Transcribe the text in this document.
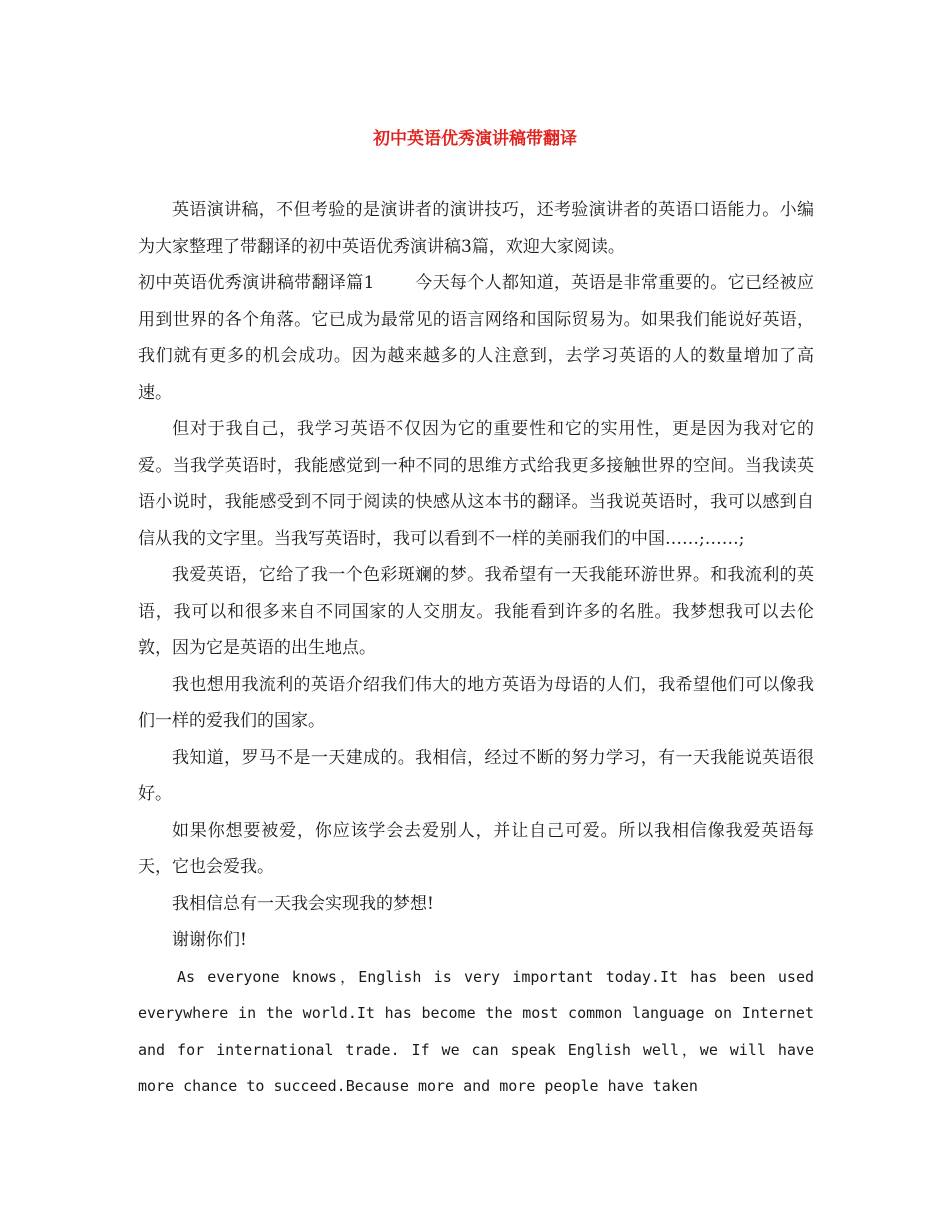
初中英语优秀演讲稿带翻译

英语演讲稿，不但考验的是演讲者的演讲技巧，还考验演讲者的英语口语能力。小编为大家整理了带翻译的初中英语优秀演讲稿3篇，欢迎大家阅读。

初中英语优秀演讲稿带翻译篇1　　 今天每个人都知道，英语是非常重要的。它已经被应用到世界的各个角落。它已成为最常见的语言网络和国际贸易为。如果我们能说好英语，我们就有更多的机会成功。因为越来越多的人注意到，去学习英语的人的数量增加了高速。

但对于我自己，我学习英语不仅因为它的重要性和它的实用性，更是因为我对它的爱。当我学英语时，我能感觉到一种不同的思维方式给我更多接触世界的空间。当我读英语小说时，我能感受到不同于阅读的快感从这本书的翻译。当我说英语时，我可以感到自信从我的文字里。当我写英语时，我可以看到不一样的美丽我们的中国……;……;

我爱英语，它给了我一个色彩斑斓的梦。我希望有一天我能环游世界。和我流利的英语，我可以和很多来自不同国家的人交朋友。我能看到许多的名胜。我梦想我可以去伦敦，因为它是英语的出生地点。

我也想用我流利的英语介绍我们伟大的地方英语为母语的人们，我希望他们可以像我们一样的爱我们的国家。

我知道，罗马不是一天建成的。我相信，经过不断的努力学习，有一天我能说英语很好。

如果你想要被爱，你应该学会去爱别人，并让自己可爱。所以我相信像我爱英语每天，它也会爱我。

我相信总有一天我会实现我的梦想!

谢谢你们!

As everyone knows，English is very important today.It has been used everywhere in the world.It has become the most common language on Internet and for international trade. If we can speak English well，we will have more chance to succeed.Because more and more people have taken
